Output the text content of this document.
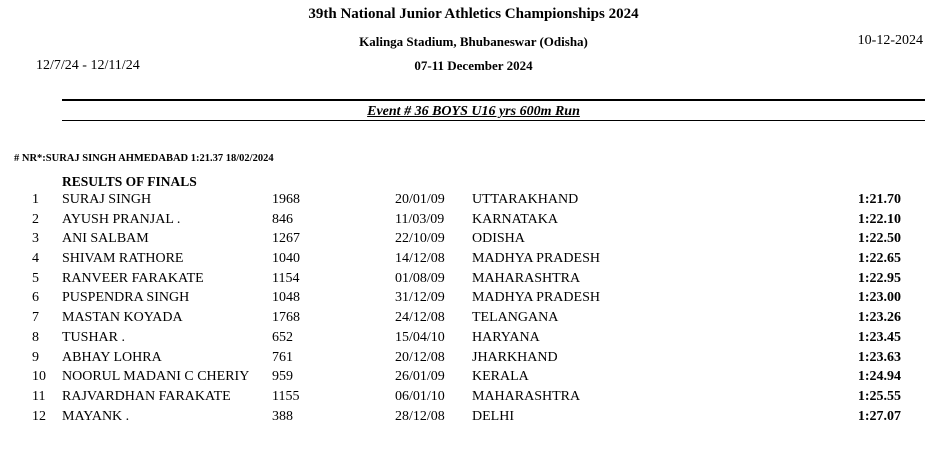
39th National Junior Athletics Championships 2024
Kalinga Stadium, Bhubaneswar (Odisha)
07-11 December 2024
10-12-2024
12/7/24 - 12/11/24
Event # 36 BOYS U16 yrs 600m Run
# NR*:SURAJ SINGH AHMEDABAD 1:21.37 18/02/2024
RESULTS OF FINALS
1 SURAJ SINGH	1968	20/01/09 UTTARAKHAND	1:21.70
2 AYUSH PRANJAL .	846	11/03/09 KARNATAKA	1:22.10
3 ANI SALBAM	1267	22/10/09 ODISHA	1:22.50
4 SHIVAM RATHORE	1040	14/12/08 MADHYA PRADESH	1:22.65
5 RANVEER FARAKATE	1154	01/08/09 MAHARASHTRA	1:22.95
6 PUSPENDRA SINGH	1048	31/12/09 MADHYA PRADESH	1:23.00
7 MASTAN KOYADA	1768	24/12/08 TELANGANA	1:23.26
8 TUSHAR .	652	15/04/10 HARYANA	1:23.45
9 ABHAY LOHRA	761	20/12/08 JHARKHAND	1:23.63
10 NOORUL MADANI C CHERIY 959	26/01/09 KERALA	1:24.94
11 RAJVARDHAN FARAKATE	1155	06/01/10 MAHARASHTRA	1:25.55
12 MAYANK .	388	28/12/08 DELHI	1:27.07
